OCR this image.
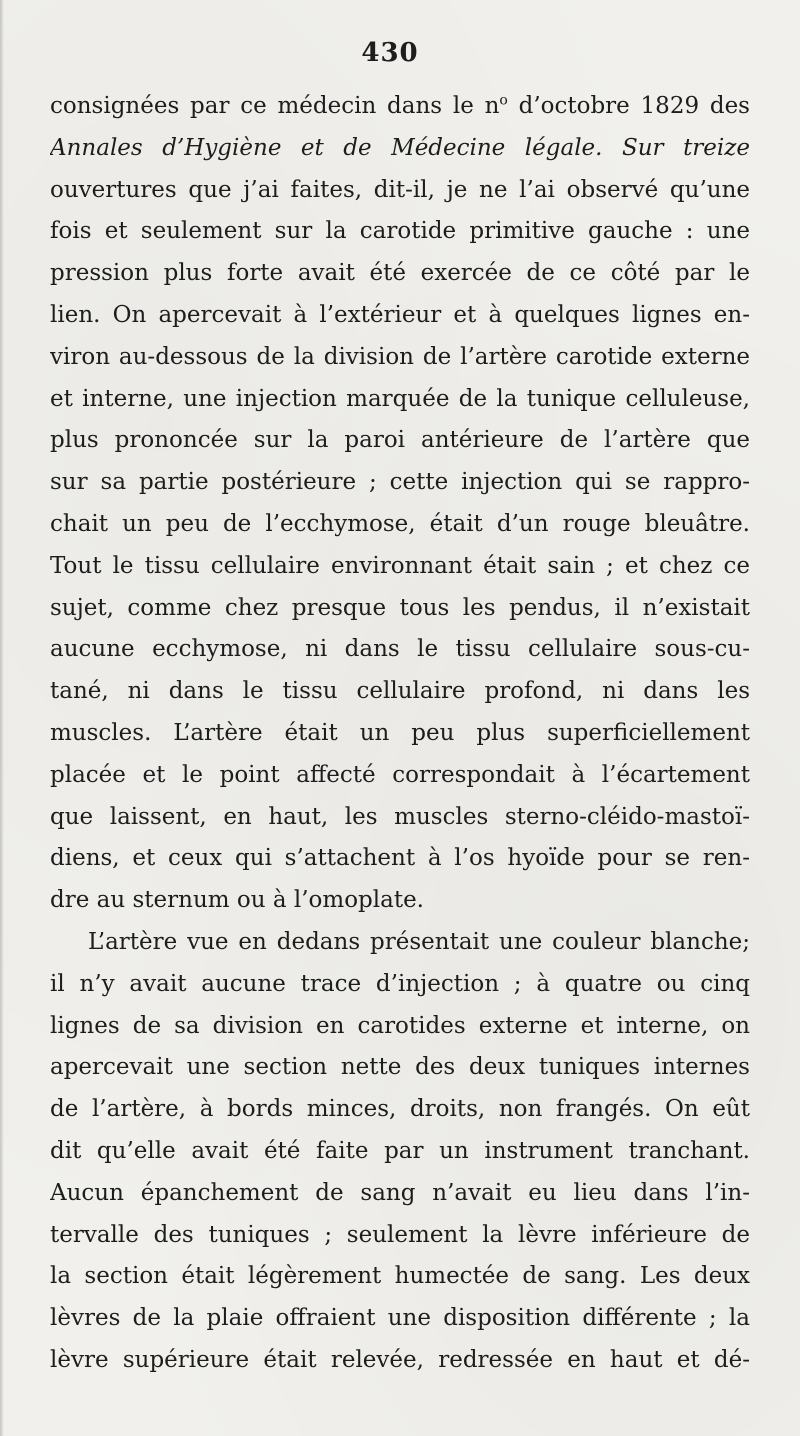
430
consignées par ce médecin dans le $n^o$ d’octobre 1829 des
Annales d’Hygiène et de Médecine légale. Sur treize
ouvertures que j’ai faites, dit-il, je ne l’ai observé qu’une
fois et seulement sur la carotide primitive gauche : une
pression plus forte avait été exercée de ce côté par le
lien. On apercevait à l’extérieur et à quelques lignes en-
viron au-dessous de la division de l’artère carotide externe
et interne, une injection marquée de la tunique celluleuse,
plus prononcée sur la paroi antérieure de l’artère que
sur sa partie postérieure ; cette injection qui se rappro-
chait un peu de l’ecchymose, était d’un rouge bleuâtre.
Tout le tissu cellulaire environnant était sain ; et chez ce
sujet, comme chez presque tous les pendus, il n’existait
aucune ecchymose, ni dans le tissu cellulaire sous-cu-
tané, ni dans le tissu cellulaire profond, ni dans les
muscles. L’artère était un peu plus superficiellement
placée et le point affecté correspondait à l’écartement
que laissent, en haut, les muscles sterno-cléido-mastoï-
diens, et ceux qui s’attachent à l’os hyoïde pour se ren-
dre au sternum ou à l’omoplate.
L’artère vue en dedans présentait une couleur blanche;
il n’y avait aucune trace d’injection ; à quatre ou cinq
lignes de sa division en carotides externe et interne, on
apercevait une section nette des deux tuniques internes
de l’artère, à bords minces, droits, non frangés. On eût
dit qu’elle avait été faite par un instrument tranchant.
Aucun épanchement de sang n’avait eu lieu dans l’in-
tervalle des tuniques ; seulement la lèvre inférieure de
la section était légèrement humectée de sang. Les deux
lèvres de la plaie offraient une disposition différente ; la
lèvre supérieure était relevée, redressée en haut et dé-
